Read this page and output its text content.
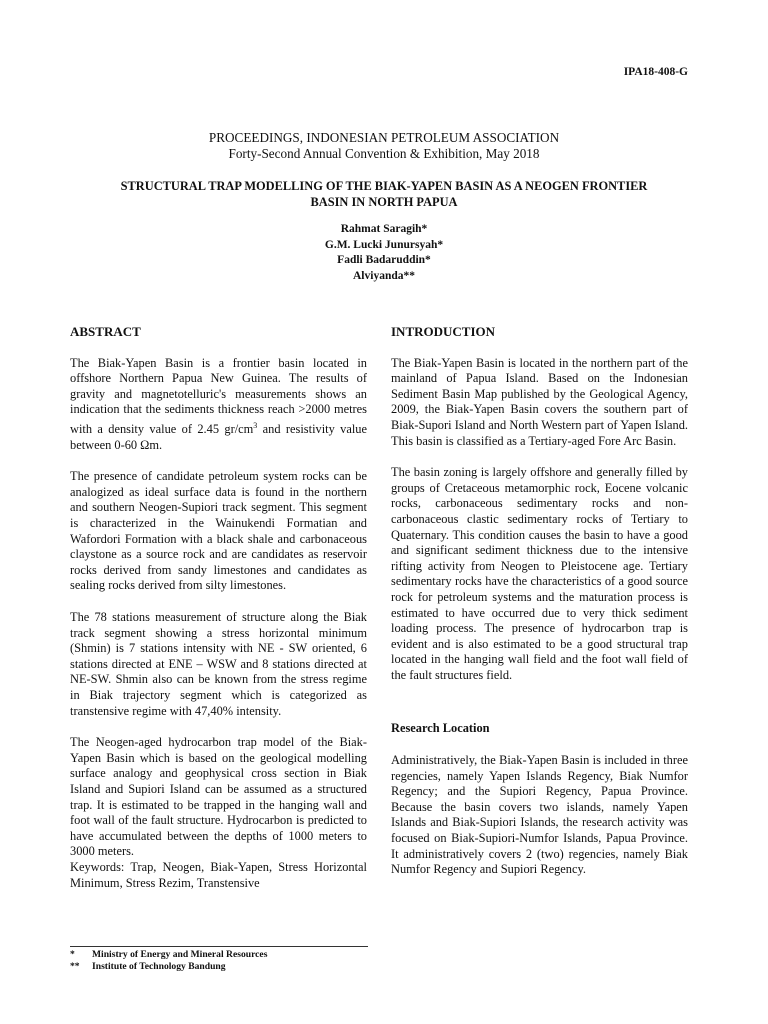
IPA18-408-G
PROCEEDINGS, INDONESIAN PETROLEUM ASSOCIATION
Forty-Second Annual Convention & Exhibition, May 2018
STRUCTURAL TRAP MODELLING OF THE BIAK-YAPEN BASIN AS A NEOGEN FRONTIER
BASIN IN NORTH PAPUA
Rahmat Saragih*
G.M. Lucki Junursyah*
Fadli Badaruddin*
Alviyanda**
ABSTRACT

The Biak-Yapen Basin is a frontier basin located in offshore Northern Papua New Guinea. The results of gravity and magnetotelluric's measurements shows an indication that the sediments thickness reach >2000 metres with a density value of 2.45 $gr/cm^3$ and resistivity value between 0-60 Ωm.

The presence of candidate petroleum system rocks can be analogized as ideal surface data is found in the northern and southern Neogen-Supiori track segment. This segment is characterized in the Wainukendi Formatian and Wafordori Formation with a black shale and carbonaceous claystone as a source rock and are candidates as reservoir rocks derived from sandy limestones and candidates as sealing rocks derived from silty limestones.

The 78 stations measurement of structure along the Biak track segment showing a stress horizontal minimum (Shmin) is 7 stations intensity with NE - SW oriented, 6 stations directed at ENE – WSW and 8 stations directed at NE-SW. Shmin also can be known from the stress regime in Biak trajectory segment which is categorized as transtensive regime with 47,40% intensity.

The Neogen-aged hydrocarbon trap model of the Biak-Yapen Basin which is based on the geological modelling surface analogy and geophysical cross section in Biak Island and Supiori Island can be assumed as a structured trap. It is estimated to be trapped in the hanging wall and foot wall of the fault structure. Hydrocarbon is predicted to have accumulated between the depths of 1000 meters to 3000 meters.

Keywords: Trap, Neogen, Biak-Yapen, Stress Horizontal Minimum, Stress Rezim, Transtensive

INTRODUCTION

The Biak-Yapen Basin is located in the northern part of the mainland of Papua Island. Based on the Indonesian Sediment Basin Map published by the Geological Agency, 2009, the Biak-Yapen Basin covers the southern part of Biak-Supori Island and North Western part of Yapen Island. This basin is classified as a Tertiary-aged Fore Arc Basin.

The basin zoning is largely offshore and generally filled by groups of Cretaceous metamorphic rock, Eocene volcanic rocks, carbonaceous sedimentary rocks and non-carbonaceous clastic sedimentary rocks of Tertiary to Quaternary. This condition causes the basin to have a good and significant sediment thickness due to the intensive rifting activity from Neogen to Pleistocene age. Tertiary sedimentary rocks have the characteristics of a good source rock for petroleum systems and the maturation process is estimated to have occurred due to very thick sediment loading process. The presence of hydrocarbon trap is evident and is also estimated to be a good structural trap located in the hanging wall field and the foot wall field of the fault structures field.

Research Location

Administratively, the Biak-Yapen Basin is included in three regencies, namely Yapen Islands Regency, Biak Numfor Regency; and the Supiori Regency, Papua Province. Because the basin covers two islands, namely Yapen Islands and Biak-Supiori Islands, the research activity was focused on Biak-Supiori-Numfor Islands, Papua Province. It administratively covers 2 (two) regencies, namely Biak Numfor Regency and Supiori Regency.

*	Ministry of Energy and Mineral Resources
**	Institute of Technology Bandung
